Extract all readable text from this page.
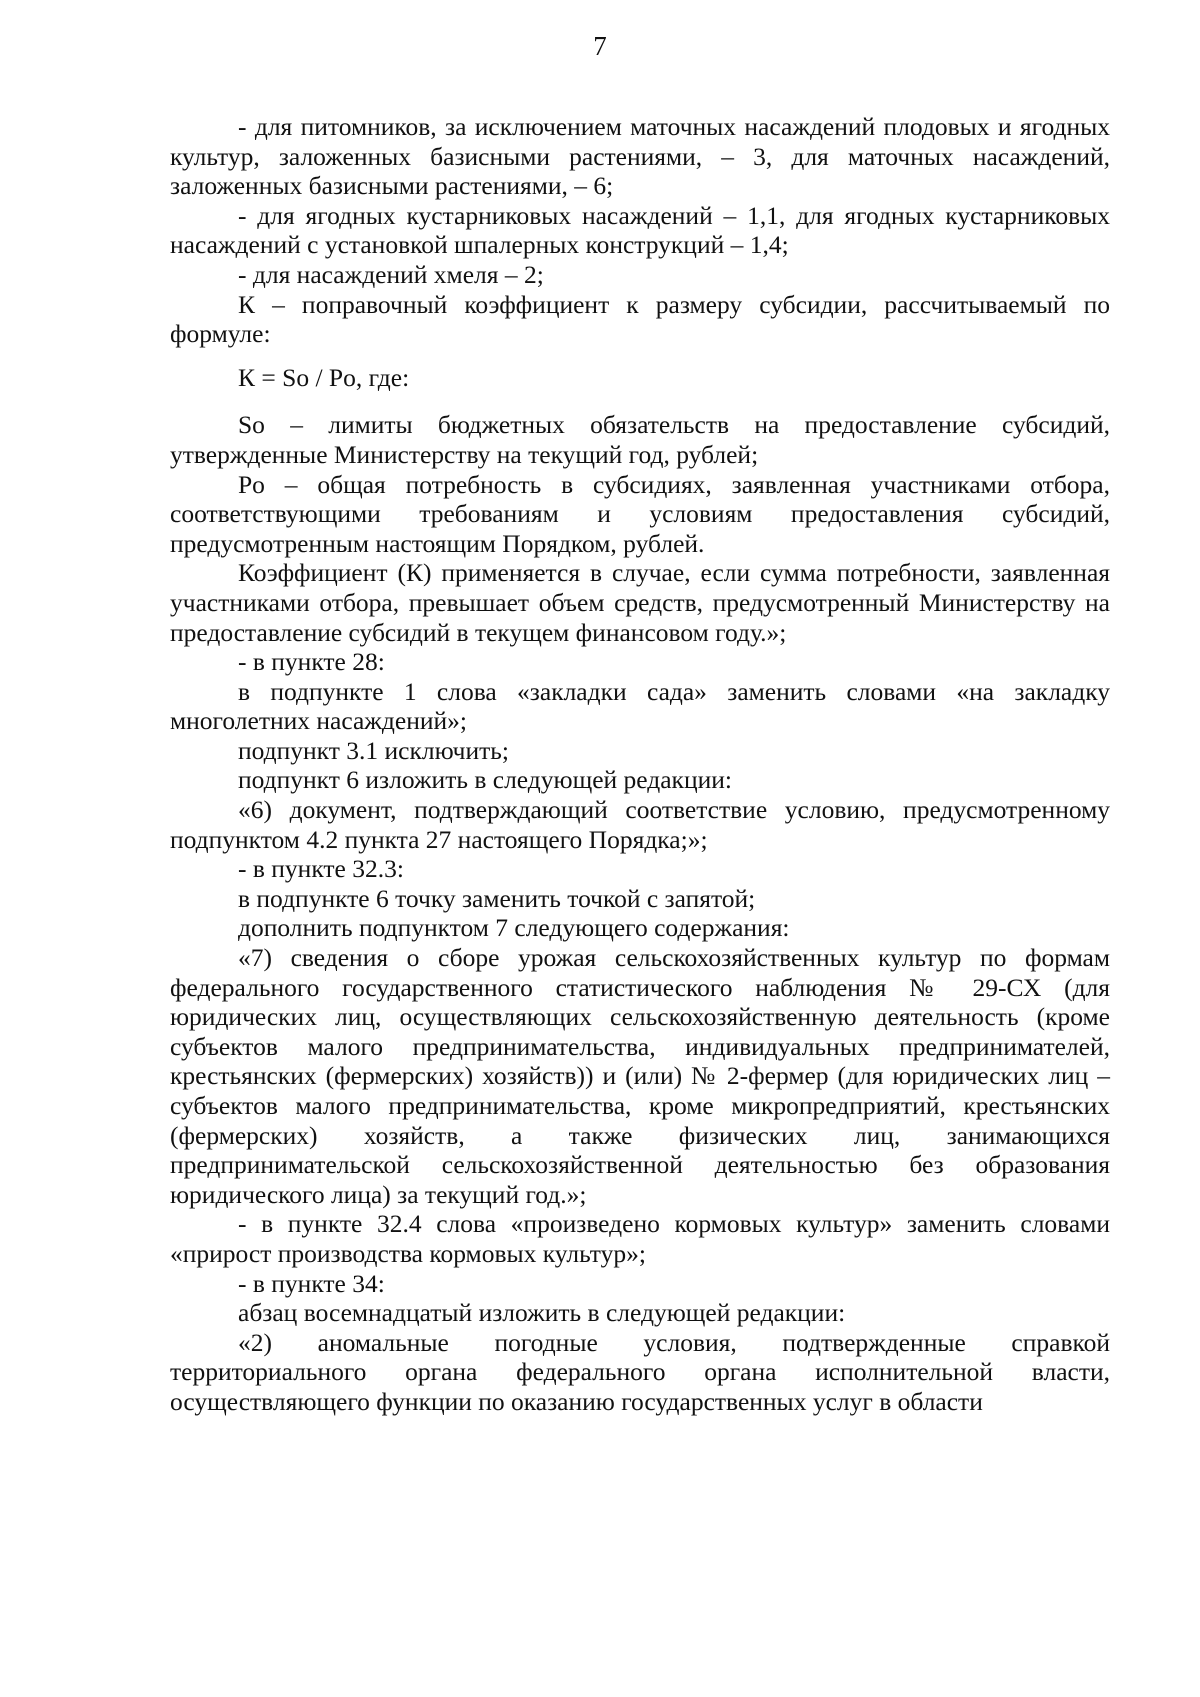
7

- для питомников, за исключением маточных насаждений плодовых и ягодных культур, заложенных базисными растениями, – 3, для маточных насаждений, заложенных базисными растениями, – 6;

- для ягодных кустарниковых насаждений – 1,1, для ягодных кустарниковых насаждений с установкой шпалерных конструкций – 1,4;

- для насаждений хмеля – 2;

К – поправочный коэффициент к размеру субсидии, рассчитываемый по формуле:

К = So / Po, где:

So – лимиты бюджетных обязательств на предоставление субсидий, утвержденные Министерству на текущий год, рублей;

Po – общая потребность в субсидиях, заявленная участниками отбора, соответствующими требованиям и условиям предоставления субсидий, предусмотренным настоящим Порядком, рублей.

Коэффициент (К) применяется в случае, если сумма потребности, заявленная участниками отбора, превышает объем средств, предусмотренный Министерству на предоставление субсидий в текущем финансовом году.»;

- в пункте 28:

в подпункте 1 слова «закладки сада» заменить словами «на закладку многолетних насаждений»;

подпункт 3.1 исключить;

подпункт 6 изложить в следующей редакции:

«6) документ, подтверждающий соответствие условию, предусмотренному подпунктом 4.2 пункта 27 настоящего Порядка;»;

- в пункте 32.3:

в подпункте 6 точку заменить точкой с запятой;

дополнить подпунктом 7 следующего содержания:

«7) сведения о сборе урожая сельскохозяйственных культур по формам федерального государственного статистического наблюдения № 29-СХ (для юридических лиц, осуществляющих сельскохозяйственную деятельность (кроме субъектов малого предпринимательства, индивидуальных предпринимателей, крестьянских (фермерских) хозяйств)) и (или) № 2-фермер (для юридических лиц – субъектов малого предпринимательства, кроме микропредприятий, крестьянских (фермерских) хозяйств, а также физических лиц, занимающихся предпринимательской сельскохозяйственной деятельностью без образования юридического лица) за текущий год.»;

- в пункте 32.4 слова «произведено кормовых культур» заменить словами «прирост производства кормовых культур»;

- в пункте 34:

абзац восемнадцатый изложить в следующей редакции:

«2) аномальные погодные условия, подтвержденные справкой территориального органа федерального органа исполнительной власти, осуществляющего функции по оказанию государственных услуг в области
